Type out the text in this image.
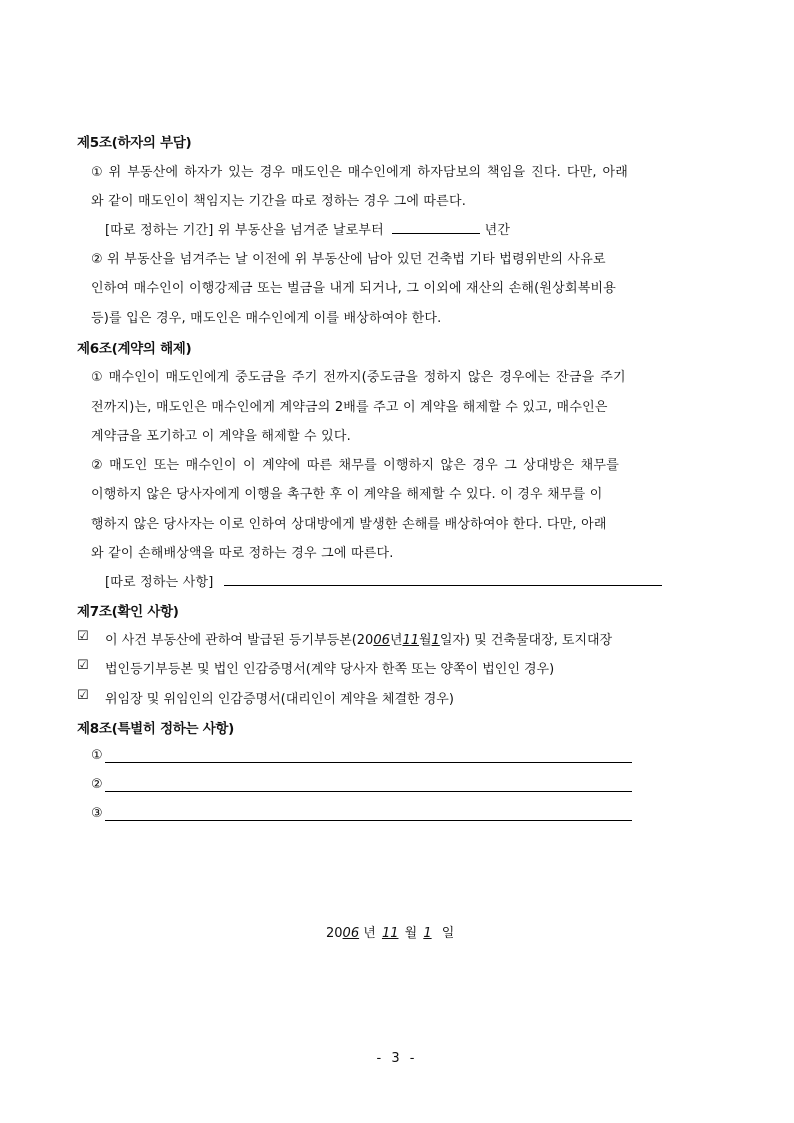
제5조(하자의 부담)
① 위 부동산에 하자가 있는 경우 매도인은 매수인에게 하자담보의 책임을 진다. 다만, 아래
와 같이 매도인이 책임지는 기간을 따로 정하는 경우 그에 따른다.
[따로 정하는 기간] 위 부동산을 넘겨준 날로부터	년간
② 위 부동산을 넘겨주는 날 이전에 위 부동산에 남아 있던 건축법 기타 법령위반의 사유로
인하여 매수인이 이행강제금 또는 벌금을 내게 되거나, 그 이외에 재산의 손해(원상회복비용
등)를 입은 경우, 매도인은 매수인에게 이를 배상하여야 한다.
제6조(계약의 해제)
① 매수인이 매도인에게 중도금을 주기 전까지(중도금을 정하지 않은 경우에는 잔금을 주기
전까지)는, 매도인은 매수인에게 계약금의 2배를 주고 이 계약을 해제할 수 있고, 매수인은
계약금을 포기하고 이 계약을 해제할 수 있다.
② 매도인 또는 매수인이 이 계약에 따른 채무를 이행하지 않은 경우 그 상대방은 채무를
이행하지 않은 당사자에게 이행을 촉구한 후 이 계약을 해제할 수 있다. 이 경우 채무를 이
행하지 않은 당사자는 이로 인하여 상대방에게 발생한 손해를 배상하여야 한다. 다만, 아래
와 같이 손해배상액을 따로 정하는 경우 그에 따른다.
[따로 정하는 사항]
제7조(확인 사항)
☑ 이 사건 부동산에 관하여 발급된 등기부등본(2006년11월1일자) 및 건축물대장, 토지대장
☑ 법인등기부등본 및 법인 인감증명서(계약 당사자 한쪽 또는 양쪽이 법인인 경우)
☑ 위임장 및 위임인의 인감증명서(대리인이 계약을 체결한 경우)
제8조(특별히 정하는 사항)
①
②
③
2006 년 11 월 1 일
- 3 -
